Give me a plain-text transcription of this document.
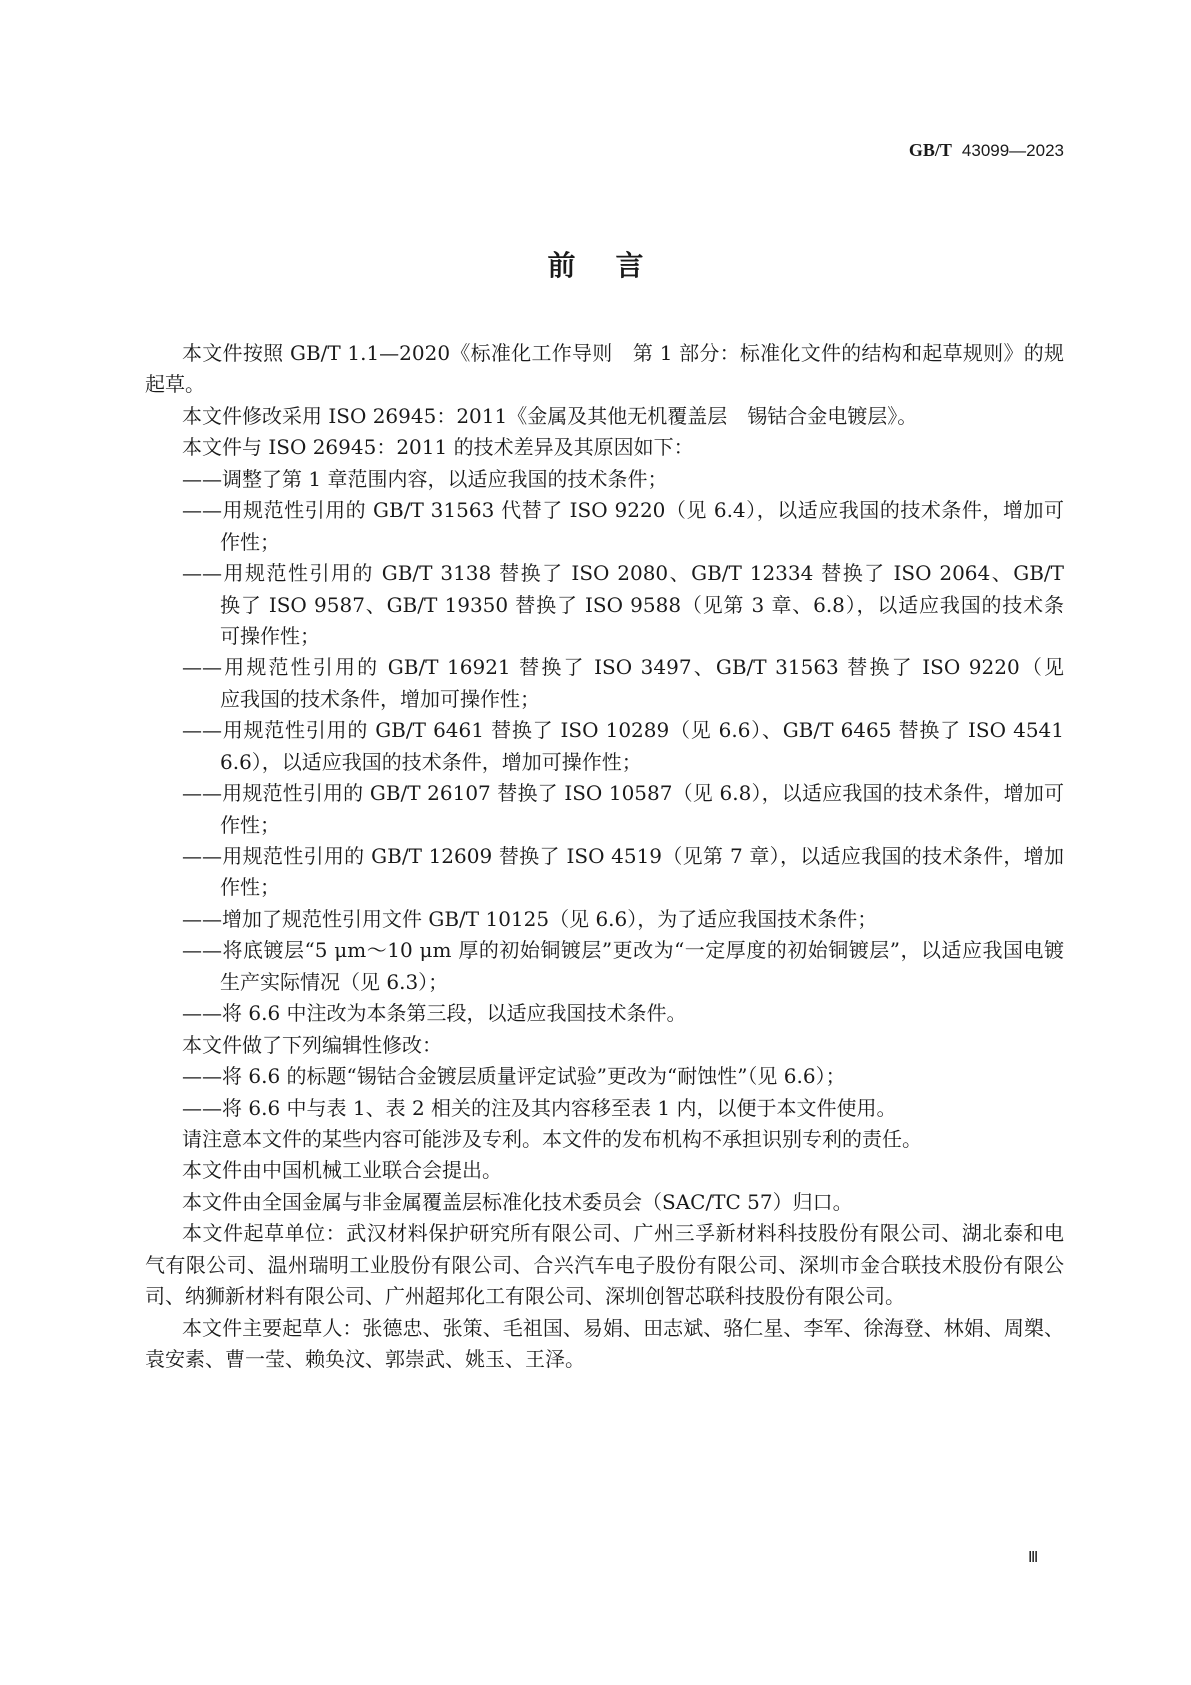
GB/T 43099—2023
前言
本文件按照 GB/T 1.1—2020《标准化工作导则　第 1 部分：标准化文件的结构和起草规则》的规
起草。
本文件修改采用 ISO 26945：2011《金属及其他无机覆盖层　锡钴合金电镀层》。
本文件与 ISO 26945：2011 的技术差异及其原因如下：
——调整了第 1 章范围内容，以适应我国的技术条件；
——用规范性引用的 GB/T 31563 代替了 ISO 9220（见 6.4），以适应我国的技术条件，增加可
作性；
——用规范性引用的 GB/T 3138 替换了 ISO 2080、GB/T 12334 替换了 ISO 2064、GB/T
换了 ISO 9587、GB/T 19350 替换了 ISO 9588（见第 3 章、6.8），以适应我国的技术条
可操作性；
——用规范性引用的 GB/T 16921 替换了 ISO 3497、GB/T 31563 替换了 ISO 9220（见
应我国的技术条件，增加可操作性；
——用规范性引用的 GB/T 6461 替换了 ISO 10289（见 6.6）、GB/T 6465 替换了 ISO 4541
6.6），以适应我国的技术条件，增加可操作性；
——用规范性引用的 GB/T 26107 替换了 ISO 10587（见 6.8），以适应我国的技术条件，增加可
作性；
——用规范性引用的 GB/T 12609 替换了 ISO 4519（见第 7 章），以适应我国的技术条件，增加
作性；
——增加了规范性引用文件 GB/T 10125（见 6.6），为了适应我国技术条件；
——将底镀层“5 μm～10 μm 厚的初始铜镀层”更改为“一定厚度的初始铜镀层”，以适应我国电镀
生产实际情况（见 6.3）；
——将 6.6 中注改为本条第三段，以适应我国技术条件。
本文件做了下列编辑性修改：
——将 6.6 的标题“锡钴合金镀层质量评定试验”更改为“耐蚀性”（见 6.6）；
——将 6.6 中与表 1、表 2 相关的注及其内容移至表 1 内，以便于本文件使用。
请注意本文件的某些内容可能涉及专利。本文件的发布机构不承担识别专利的责任。
本文件由中国机械工业联合会提出。
本文件由全国金属与非金属覆盖层标准化技术委员会（SAC/TC 57）归口。
本文件起草单位：武汉材料保护研究所有限公司、广州三孚新材料科技股份有限公司、湖北泰和电
气有限公司、温州瑞明工业股份有限公司、合兴汽车电子股份有限公司、深圳市金合联技术股份有限公
司、纳狮新材料有限公司、广州超邦化工有限公司、深圳创智芯联科技股份有限公司。
本文件主要起草人：张德忠、张策、毛祖国、易娟、田志斌、骆仁星、李军、徐海登、林娟、周槊、
袁安素、曹一莹、赖奂汶、郭崇武、姚玉、王泽。
Ⅲ
